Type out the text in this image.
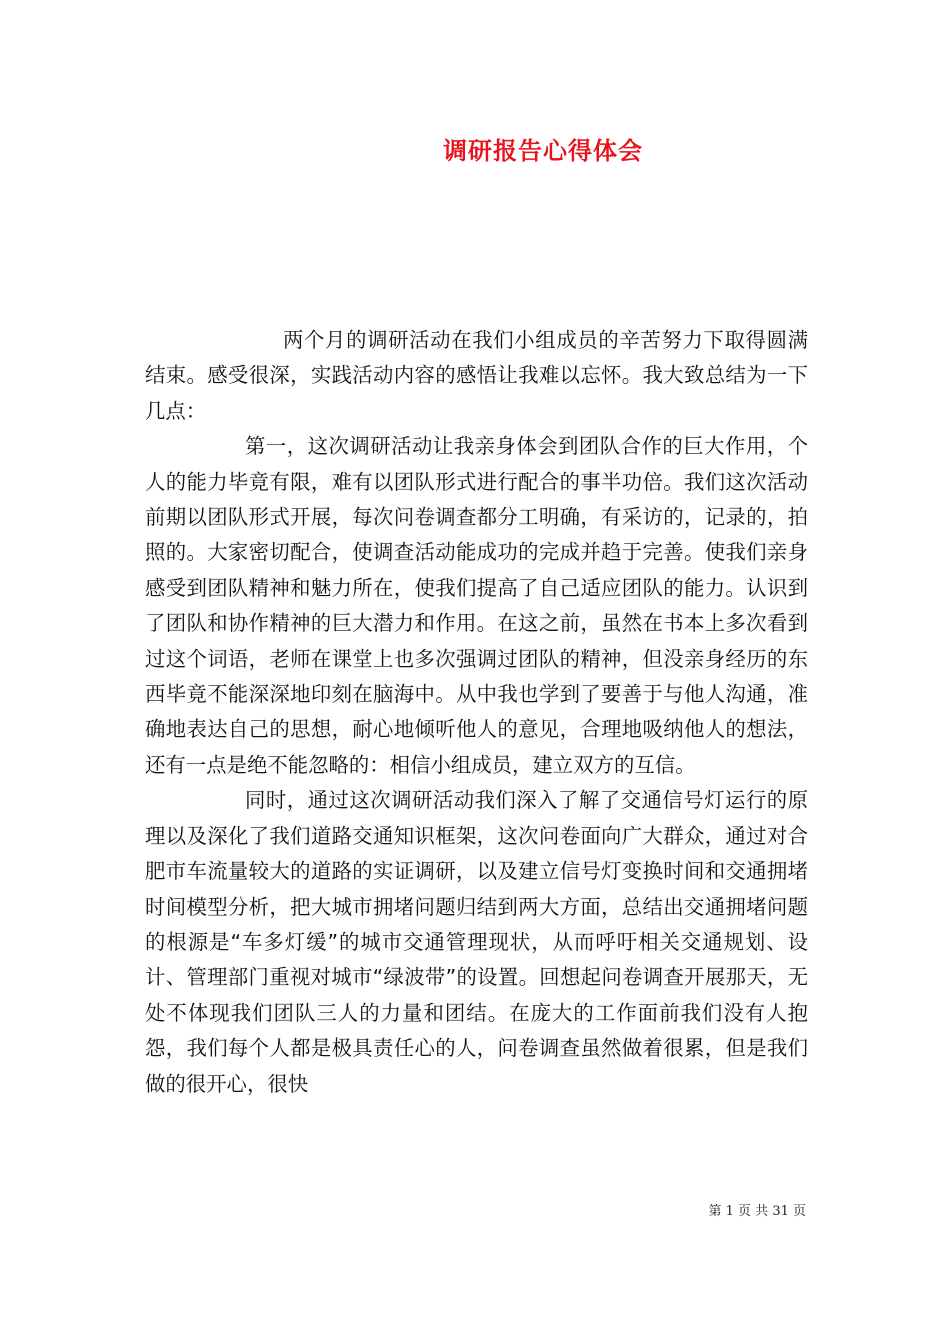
调研报告心得体会

两个月的调研活动在我们小组成员的辛苦努力下取得圆满结束。感受很深，实践活动内容的感悟让我难以忘怀。我大致总结为一下几点：

第一，这次调研活动让我亲身体会到团队合作的巨大作用，个人的能力毕竟有限，难有以团队形式进行配合的事半功倍。我们这次活动前期以团队形式开展，每次问卷调查都分工明确，有采访的，记录的，拍照的。大家密切配合，使调查活动能成功的完成并趋于完善。使我们亲身感受到团队精神和魅力所在，使我们提高了自己适应团队的能力。认识到了团队和协作精神的巨大潜力和作用。在这之前，虽然在书本上多次看到过这个词语，老师在课堂上也多次强调过团队的精神，但没亲身经历的东西毕竟不能深深地印刻在脑海中。从中我也学到了要善于与他人沟通，准确地表达自己的思想，耐心地倾听他人的意见，合理地吸纳他人的想法，还有一点是绝不能忽略的：相信小组成员，建立双方的互信。

同时，通过这次调研活动我们深入了解了交通信号灯运行的原理以及深化了我们道路交通知识框架，这次问卷面向广大群众，通过对合肥市车流量较大的道路的实证调研，以及建立信号灯变换时间和交通拥堵时间模型分析，把大城市拥堵问题归结到两大方面，总结出交通拥堵问题的根源是“车多灯缓”的城市交通管理现状，从而呼吁相关交通规划、设计、管理部门重视对城市“绿波带”的设置。回想起问卷调查开展那天，无处不体现我们团队三人的力量和团结。在庞大的工作面前我们没有人抱怨，我们每个人都是极具责任心的人，问卷调查虽然做着很累，但是我们做的很开心，很快

第 1 页 共 31 页
